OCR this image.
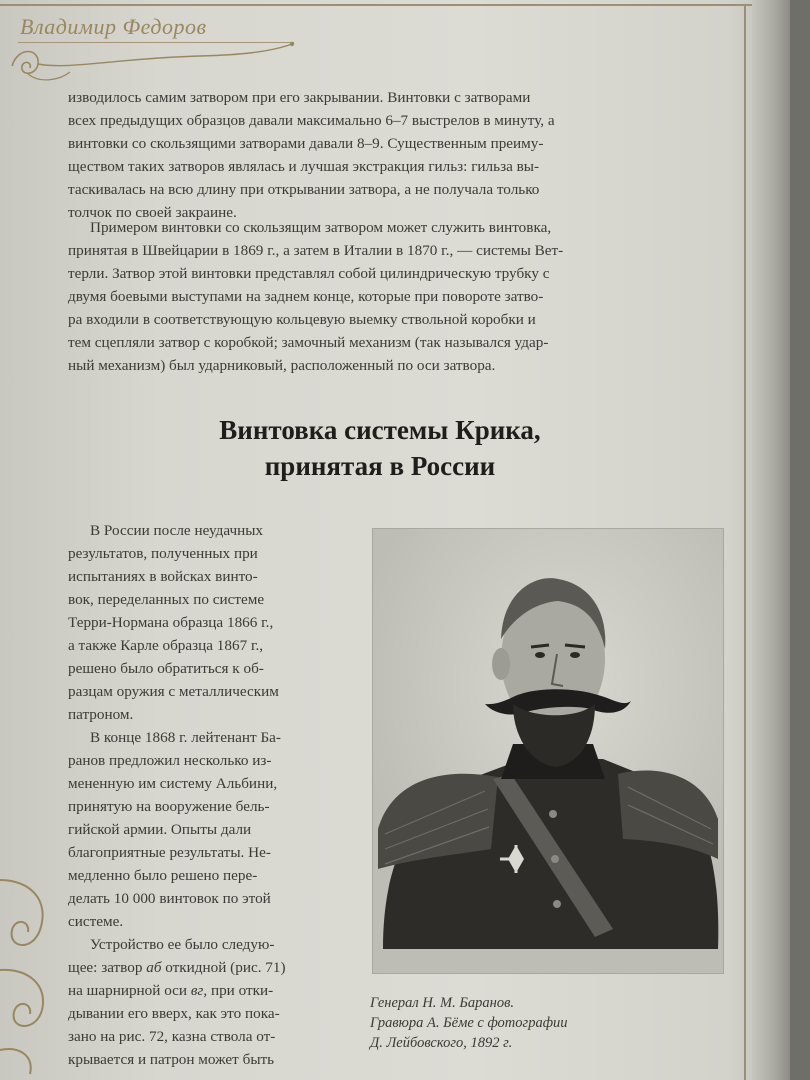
Владимир Федоров

изводилось самим затвором при его закрывании. Винтовки с затворами

всех предыдущих образцов давали максимально 6–7 выстрелов в минуту, а

винтовки со скользящими затворами давали 8–9. Существенным преиму-

ществом таких затворов являлась и лучшая экстракция гильз: гильза вы-

таскивалась на всю длину при открывании затвора, а не получала только

толчок по своей закраине.

Примером винтовки со скользящим затвором может служить винтовка,

принятая в Швейцарии в 1869 г., а затем в Италии в 1870 г., — системы Вет-

терли. Затвор этой винтовки представлял собой цилиндрическую трубку с

двумя боевыми выступами на заднем конце, которые при повороте затво-

ра входили в соответствующую кольцевую выемку ствольной коробки и

тем сцепляли затвор с коробкой; замочный механизм (так назывался удар-

ный механизм) был ударниковый, расположенный по оси затвора.

Винтовка системы Крика,
принятая в России

В России после неудачных

результатов, полученных при

испытаниях в войсках винто-

вок, переделанных по системе

Терри-Нормана образца 1866 г.,

а также Карле образца 1867 г.,

решено было обратиться к об-

разцам оружия с металлическим

патроном.

В конце 1868 г. лейтенант Ба-

ранов предложил несколько из-

мененную им систему Альбини,

принятую на вооружение бель-

гийской армии. Опыты дали

благоприятные результаты. Не-

медленно было решено пере-

делать 10 000 винтовок по этой

системе.

Устройство ее было следую-

щее: затвор аб откидной (рис. 71)

на шарнирной оси вг, при отки-

дывании его вверх, как это пока-

зано на рис. 72, казна ствола от-

крывается и патрон может быть

Генерал Н. М. Баранов.
Гравюра А. Бёме с фотографии
Д. Лейбовского, 1892 г.
